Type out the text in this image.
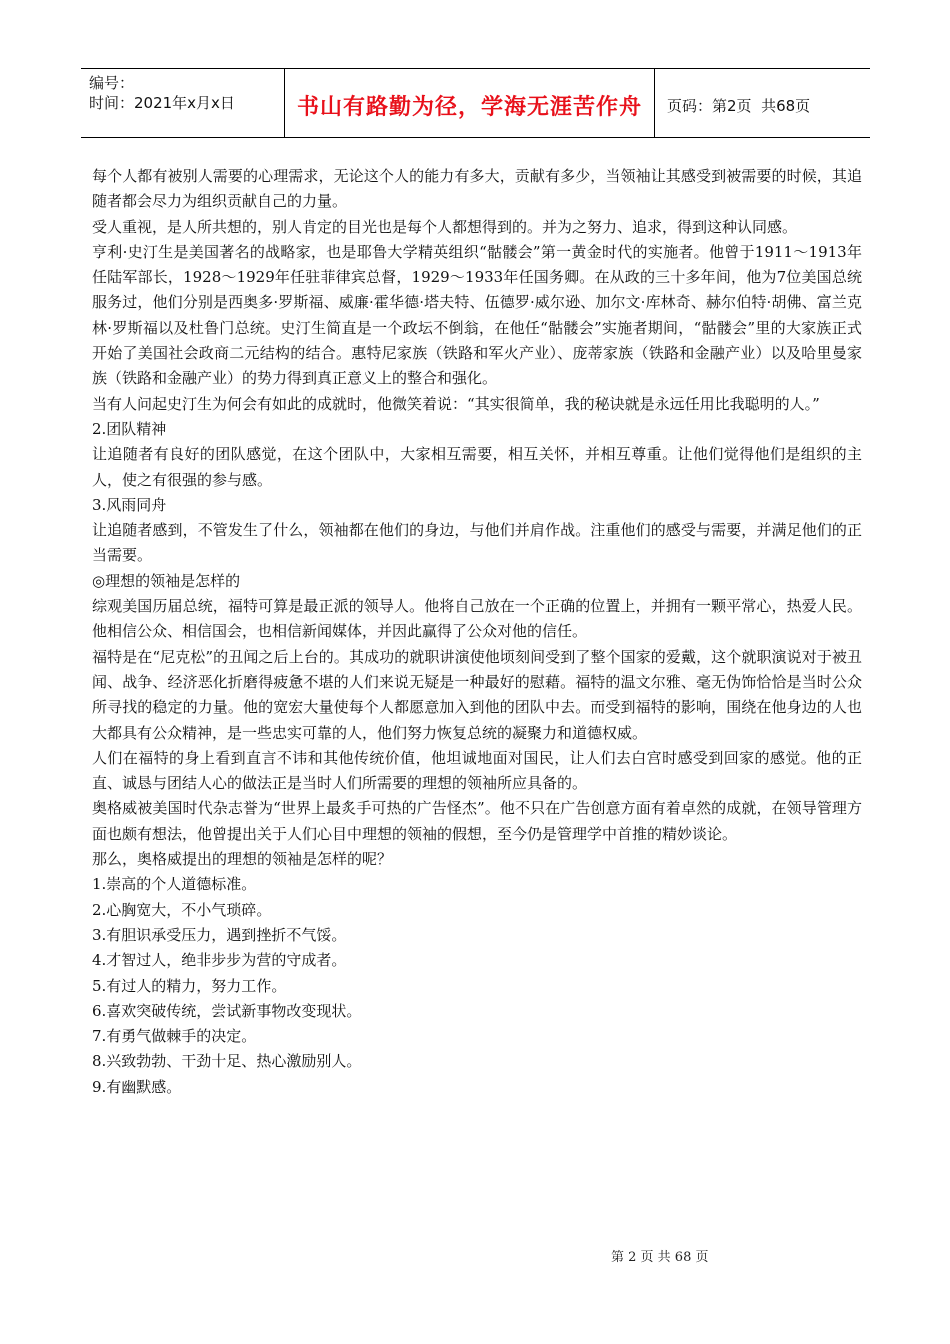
编号：
时间：2021年x月x日	书山有路勤为径，学海无涯苦作舟	页码：第2页  共68页

每个人都有被别人需要的心理需求，无论这个人的能力有多大，贡献有多少，当领袖让其感受到被需要的时候，其追随者都会尽力为组织贡献自己的力量。

受人重视，是人所共想的，别人肯定的目光也是每个人都想得到的。并为之努力、追求，得到这种认同感。

亨利·史汀生是美国著名的战略家，也是耶鲁大学精英组织“骷髅会”第一黄金时代的实施者。他曾于1911～1913年任陆军部长，1928～1929年任驻菲律宾总督，1929～1933年任国务卿。在从政的三十多年间，他为7位美国总统服务过，他们分别是西奥多·罗斯福、威廉·霍华德·塔夫特、伍德罗·威尔逊、加尔文·库林奇、赫尔伯特·胡佛、富兰克林·罗斯福以及杜鲁门总统。史汀生简直是一个政坛不倒翁，在他任“骷髅会”实施者期间，“骷髅会”里的大家族正式开始了美国社会政商二元结构的结合。惠特尼家族（铁路和军火产业）、庞蒂家族（铁路和金融产业）以及哈里曼家族（铁路和金融产业）的势力得到真正意义上的整合和强化。

当有人问起史汀生为何会有如此的成就时，他微笑着说：“其实很简单，我的秘诀就是永远任用比我聪明的人。”

2.团队精神

让追随者有良好的团队感觉，在这个团队中，大家相互需要，相互关怀，并相互尊重。让他们觉得他们是组织的主人，使之有很强的参与感。

3.风雨同舟

让追随者感到，不管发生了什么，领袖都在他们的身边，与他们并肩作战。注重他们的感受与需要，并满足他们的正当需要。

◎理想的领袖是怎样的

综观美国历届总统，福特可算是最正派的领导人。他将自己放在一个正确的位置上，并拥有一颗平常心，热爱人民。他相信公众、相信国会，也相信新闻媒体，并因此赢得了公众对他的信任。

福特是在“尼克松”的丑闻之后上台的。其成功的就职讲演使他顷刻间受到了整个国家的爱戴，这个就职演说对于被丑闻、战争、经济恶化折磨得疲惫不堪的人们来说无疑是一种最好的慰藉。福特的温文尔雅、毫无伪饰恰恰是当时公众所寻找的稳定的力量。他的宽宏大量使每个人都愿意加入到他的团队中去。而受到福特的影响，围绕在他身边的人也大都具有公众精神，是一些忠实可靠的人，他们努力恢复总统的凝聚力和道德权威。

人们在福特的身上看到直言不讳和其他传统价值，他坦诚地面对国民，让人们去白宫时感受到回家的感觉。他的正直、诚恳与团结人心的做法正是当时人们所需要的理想的领袖所应具备的。

奥格威被美国时代杂志誉为“世界上最炙手可热的广告怪杰”。他不只在广告创意方面有着卓然的成就，在领导管理方面也颇有想法，他曾提出关于人们心目中理想的领袖的假想，至今仍是管理学中首推的精妙谈论。

那么，奥格威提出的理想的领袖是怎样的呢？

1.崇高的个人道德标准。

2.心胸宽大，不小气琐碎。

3.有胆识承受压力，遇到挫折不气馁。

4.才智过人，绝非步步为营的守成者。

5.有过人的精力，努力工作。

6.喜欢突破传统，尝试新事物改变现状。

7.有勇气做棘手的决定。

8.兴致勃勃、干劲十足、热心激励别人。

9.有幽默感。

第 2 页 共 68 页
